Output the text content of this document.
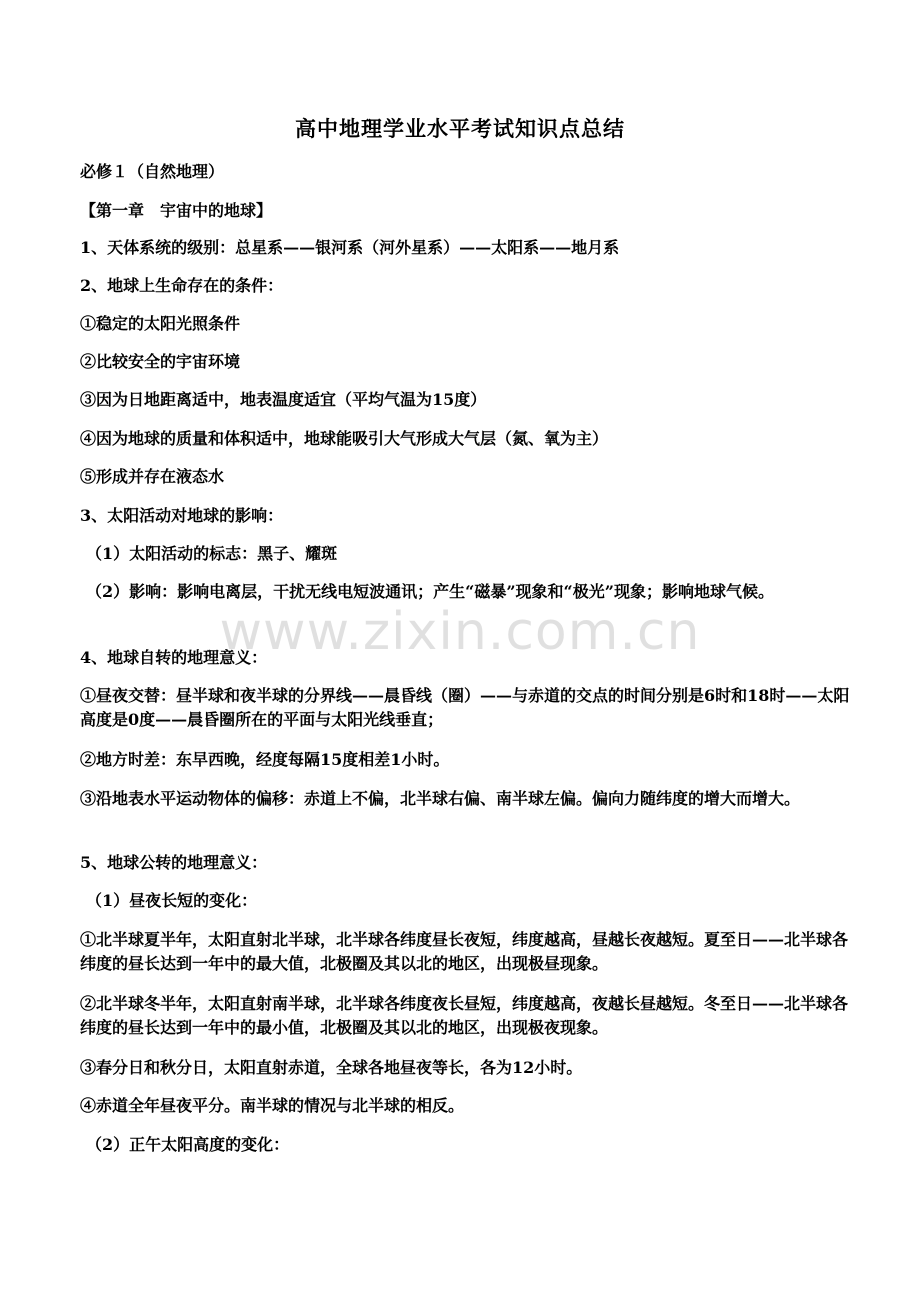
www.zixin.com.cn
高中地理学业水平考试知识点总结
必修１（自然地理）
【第一章　宇宙中的地球】
1、天体系统的级别：总星系——银河系（河外星系）——太阳系——地月系
2、地球上生命存在的条件：
①稳定的太阳光照条件
②比较安全的宇宙环境
③因为日地距离适中，地表温度适宜（平均气温为15度）
④因为地球的质量和体积适中，地球能吸引大气形成大气层（氮、氧为主）
⑤形成并存在液态水
3、太阳活动对地球的影响：
（1）太阳活动的标志：黑子、耀斑
（2）影响：影响电离层，干扰无线电短波通讯；产生“磁暴”现象和“极光”现象；影响地球气候。
4、地球自转的地理意义：
①昼夜交替：昼半球和夜半球的分界线——晨昏线（圈）——与赤道的交点的时间分别是6时和18时——太阳高度是0度——晨昏圈所在的平面与太阳光线垂直；
②地方时差：东早西晚，经度每隔15度相差1小时。
③沿地表水平运动物体的偏移：赤道上不偏，北半球右偏、南半球左偏。偏向力随纬度的增大而增大。
5、地球公转的地理意义：
（1）昼夜长短的变化：
①北半球夏半年，太阳直射北半球，北半球各纬度昼长夜短，纬度越高，昼越长夜越短。夏至日——北半球各纬度的昼长达到一年中的最大值，北极圈及其以北的地区，出现极昼现象。
②北半球冬半年，太阳直射南半球，北半球各纬度夜长昼短，纬度越高，夜越长昼越短。冬至日——北半球各纬度的昼长达到一年中的最小值，北极圈及其以北的地区，出现极夜现象。
③春分日和秋分日，太阳直射赤道，全球各地昼夜等长，各为12小时。
④赤道全年昼夜平分。南半球的情况与北半球的相反。
（2）正午太阳高度的变化：
